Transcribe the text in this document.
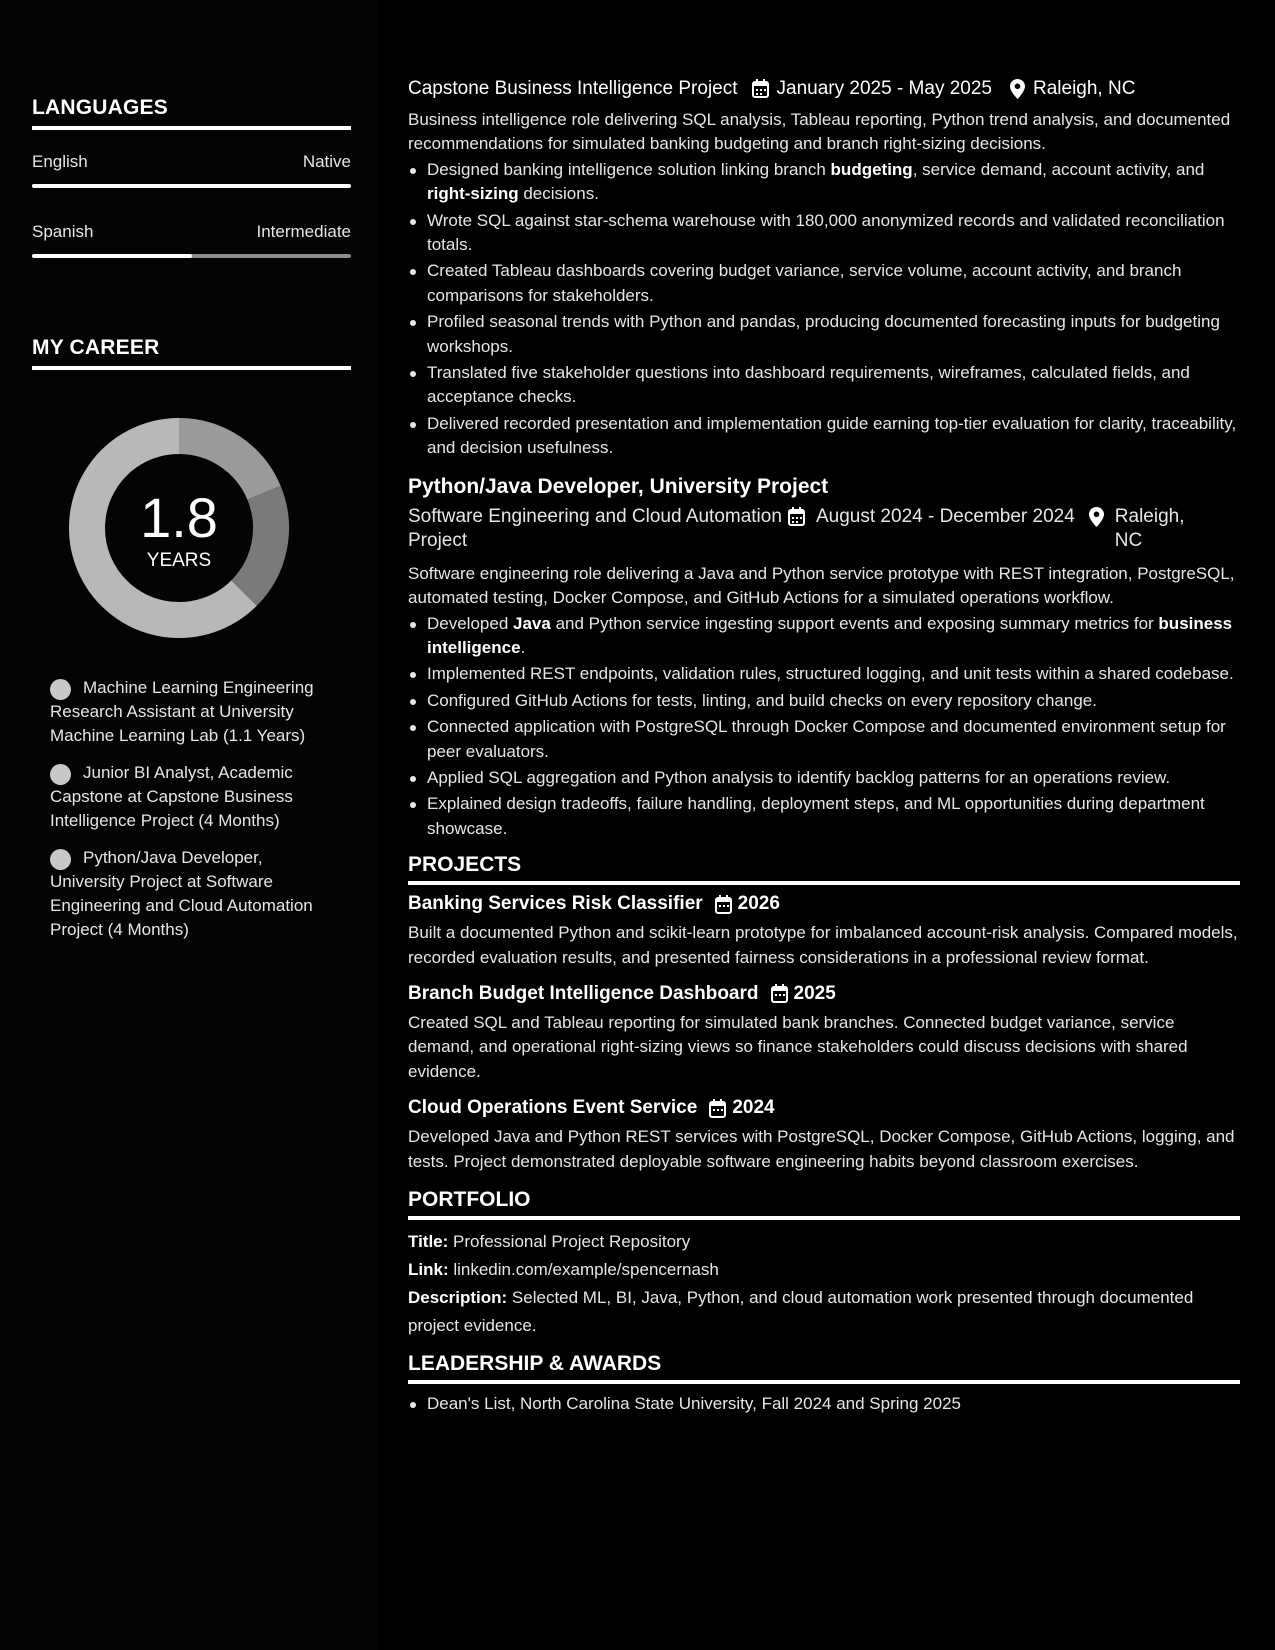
LANGUAGES
English	Native
Spanish	Intermediate
MY CAREER
1.8
YEARS
Machine Learning Engineering Research Assistant at University Machine Learning Lab (1.1 Years)
Junior BI Analyst, Academic Capstone at Capstone Business Intelligence Project (4 Months)
Python/Java Developer, University Project at Software Engineering and Cloud Automation Project (4 Months)
Capstone Business Intelligence Project January 2025 - May 2025 Raleigh, NC

Business intelligence role delivering SQL analysis, Tableau reporting, Python trend analysis, and documented recommendations for simulated banking budgeting and branch right-sizing decisions.

Designed banking intelligence solution linking branch budgeting, service demand, account activity, and right-sizing decisions.
Wrote SQL against star-schema warehouse with 180,000 anonymized records and validated reconciliation totals.
Created Tableau dashboards covering budget variance, service volume, account activity, and branch comparisons for stakeholders.
Profiled seasonal trends with Python and pandas, producing documented forecasting inputs for budgeting workshops.
Translated five stakeholder questions into dashboard requirements, wireframes, calculated fields, and acceptance checks.
Delivered recorded presentation and implementation guide earning top-tier evaluation for clarity, traceability, and decision usefulness.
Python/Java Developer, University Project
Software Engineering and Cloud Automation Project
August 2024 - December 2024 Raleigh, NC

Software engineering role delivering a Java and Python service prototype with REST integration, PostgreSQL, automated testing, Docker Compose, and GitHub Actions for a simulated operations workflow.

Developed Java and Python service ingesting support events and exposing summary metrics for business intelligence.
Implemented REST endpoints, validation rules, structured logging, and unit tests within a shared codebase.
Configured GitHub Actions for tests, linting, and build checks on every repository change.
Connected application with PostgreSQL through Docker Compose and documented environment setup for peer evaluators.
Applied SQL aggregation and Python analysis to identify backlog patterns for an operations review.
Explained design tradeoffs, failure handling, deployment steps, and ML opportunities during department showcase.
PROJECTS
Banking Services Risk Classifier 2026

Built a documented Python and scikit-learn prototype for imbalanced account-risk analysis. Compared models, recorded evaluation results, and presented fairness considerations in a professional review format.

Branch Budget Intelligence Dashboard 2025

Created SQL and Tableau reporting for simulated bank branches. Connected budget variance, service demand, and operational right-sizing views so finance stakeholders could discuss decisions with shared evidence.

Cloud Operations Event Service 2024

Developed Java and Python REST services with PostgreSQL, Docker Compose, GitHub Actions, logging, and tests. Project demonstrated deployable software engineering habits beyond classroom exercises.

PORTFOLIO
Title: Professional Project Repository
Link: linkedin.com/example/spencernash
Description: Selected ML, BI, Java, Python, and cloud automation work presented through documented project evidence.
LEADERSHIP & AWARDS
Dean's List, North Carolina State University, Fall 2024 and Spring 2025
